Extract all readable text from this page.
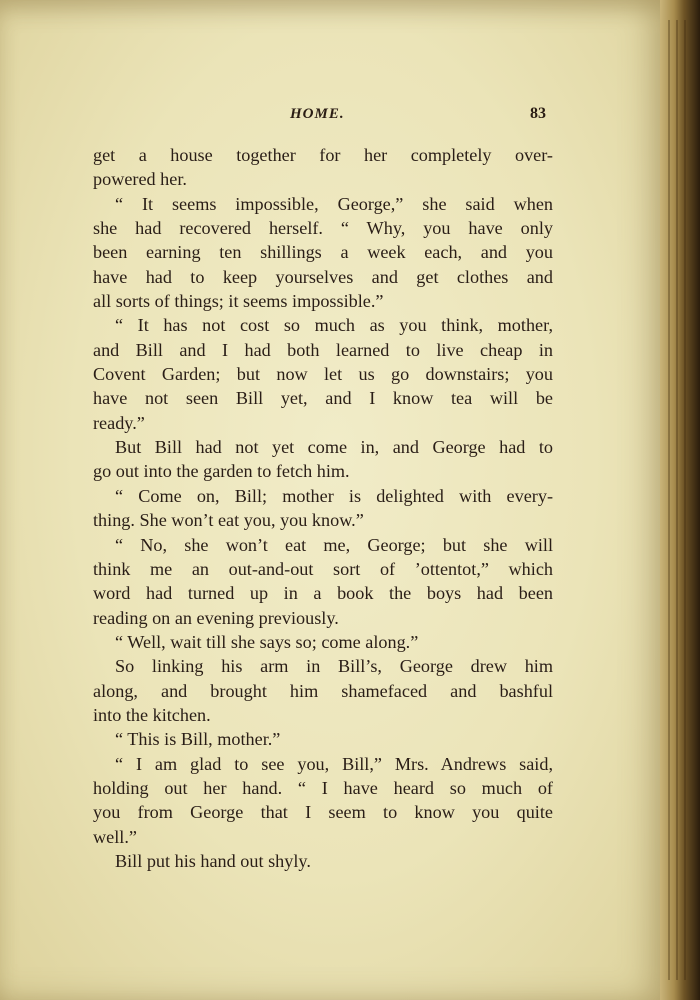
HOME.	83
get a house together for her completely over-
powered her.
“ It seems impossible, George,” she said when
she had recovered herself. “ Why, you have only
been earning ten shillings a week each, and you
have had to keep yourselves and get clothes and
all sorts of things; it seems impossible.”
“ It has not cost so much as you think, mother,
and Bill and I had both learned to live cheap in
Covent Garden; but now let us go downstairs; you
have not seen Bill yet, and I know tea will be
ready.”
But Bill had not yet come in, and George had to
go out into the garden to fetch him.
“ Come on, Bill; mother is delighted with every-
thing. She won’t eat you, you know.”
“ No, she won’t eat me, George; but she will
think me an out-and-out sort of ’ottentot,” which
word had turned up in a book the boys had been
reading on an evening previously.
“ Well, wait till she says so; come along.”
So linking his arm in Bill’s, George drew him
along, and brought him shamefaced and bashful
into the kitchen.
“ This is Bill, mother.”
“ I am glad to see you, Bill,” Mrs. Andrews said,
holding out her hand. “ I have heard so much of
you from George that I seem to know you quite
well.”
Bill put his hand out shyly.
